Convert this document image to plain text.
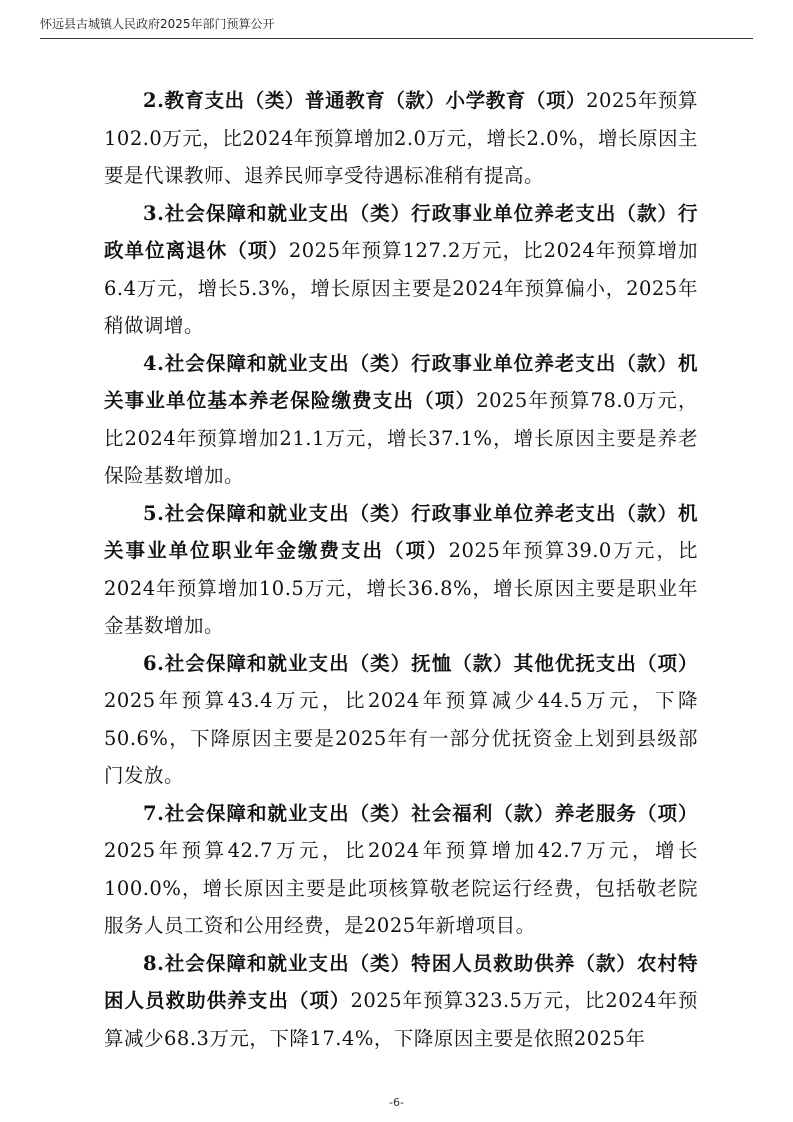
怀远县古城镇人民政府2025年部门预算公开

2.教育支出（类）普通教育（款）小学教育（项）2025年预算102.0万元，比2024年预算增加2.0万元，增长2.0%，增长原因主要是代课教师、退养民师享受待遇标准稍有提高。

3.社会保障和就业支出（类）行政事业单位养老支出（款）行政单位离退休（项）2025年预算127.2万元，比2024年预算增加6.4万元，增长5.3%，增长原因主要是2024年预算偏小，2025年稍做调增。

4.社会保障和就业支出（类）行政事业单位养老支出（款）机关事业单位基本养老保险缴费支出（项）2025年预算78.0万元，比2024年预算增加21.1万元，增长37.1%，增长原因主要是养老保险基数增加。

5.社会保障和就业支出（类）行政事业单位养老支出（款）机关事业单位职业年金缴费支出（项）2025年预算39.0万元，比2024年预算增加10.5万元，增长36.8%，增长原因主要是职业年金基数增加。

6.社会保障和就业支出（类）抚恤（款）其他优抚支出（项）2025年预算43.4万元，比2024年预算减少44.5万元，下降50.6%，下降原因主要是2025年有一部分优抚资金上划到县级部门发放。

7.社会保障和就业支出（类）社会福利（款）养老服务（项）2025年预算42.7万元，比2024年预算增加42.7万元，增长100.0%，增长原因主要是此项核算敬老院运行经费，包括敬老院服务人员工资和公用经费，是2025年新增项目。

8.社会保障和就业支出（类）特困人员救助供养（款）农村特困人员救助供养支出（项）2025年预算323.5万元，比2024年预算减少68.3万元，下降17.4%，下降原因主要是依照2025年

-6-
